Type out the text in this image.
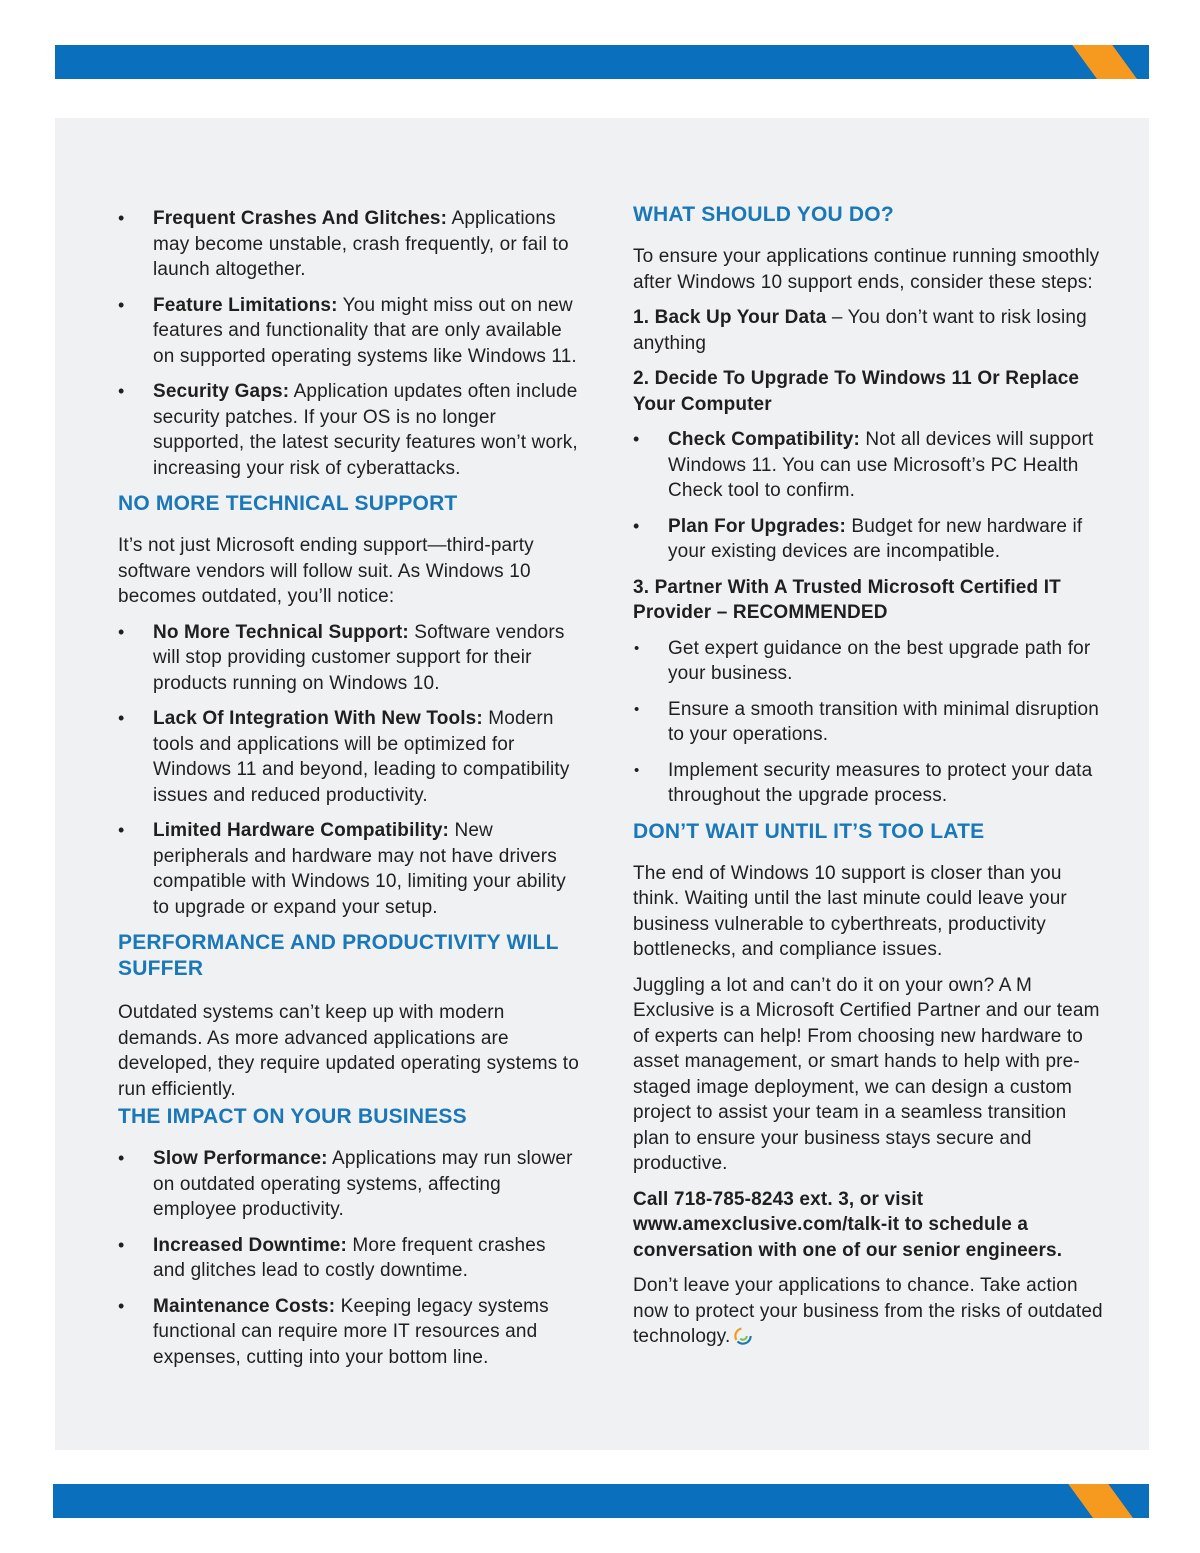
• Frequent Crashes And Glitches: Applications may become unstable, crash frequently, or fail to launch altogether.
• Feature Limitations: You might miss out on new features and functionality that are only available on supported operating systems like Windows 11.
• Security Gaps: Application updates often include security patches. If your OS is no longer supported, the latest security features won’t work, increasing your risk of cyberattacks.
NO MORE TECHNICAL SUPPORT

It’s not just Microsoft ending support—third-party software vendors will follow suit. As Windows 10 becomes outdated, you’ll notice:

• No More Technical Support: Software vendors will stop providing customer support for their products running on Windows 10.
• Lack Of Integration With New Tools: Modern tools and applications will be optimized for Windows 11 and beyond, leading to compatibility issues and reduced productivity.
• Limited Hardware Compatibility: New peripherals and hardware may not have drivers compatible with Windows 10, limiting your ability to upgrade or expand your setup.
PERFORMANCE AND PRODUCTIVITY WILL SUFFER

Outdated systems can’t keep up with modern demands. As more advanced applications are developed, they require updated operating systems to run efficiently.

THE IMPACT ON YOUR BUSINESS
• Slow Performance: Applications may run slower on outdated operating systems, affecting employee productivity.
• Increased Downtime: More frequent crashes and glitches lead to costly downtime.
• Maintenance Costs: Keeping legacy systems functional can require more IT resources and expenses, cutting into your bottom line.
WHAT SHOULD YOU DO?

To ensure your applications continue running smoothly after Windows 10 support ends, consider these steps:

1. Back Up Your Data – You don’t want to risk losing anything

2. Decide To Upgrade To Windows 11 Or Replace Your Computer

• Check Compatibility: Not all devices will support Windows 11. You can use Microsoft’s PC Health Check tool to confirm.
• Plan For Upgrades: Budget for new hardware if your existing devices are incompatible.

3. Partner With A Trusted Microsoft Certified IT Provider – RECOMMENDED

• Get expert guidance on the best upgrade path for your business.
• Ensure a smooth transition with minimal disruption to your operations.
• Implement security measures to protect your data throughout the upgrade process.
DON’T WAIT UNTIL IT’S TOO LATE

The end of Windows 10 support is closer than you think. Waiting until the last minute could leave your business vulnerable to cyberthreats, productivity bottlenecks, and compliance issues.

Juggling a lot and can’t do it on your own? A M Exclusive is a Microsoft Certified Partner and our team of experts can help! From choosing new hardware to asset management, or smart hands to help with pre-staged image deployment, we can design a custom project to assist your team in a seamless transition plan to ensure your business stays secure and productive.

Call 718-785-8243 ext. 3, or visit www.amexclusive.com/talk-it to schedule a conversation with one of our senior engineers.

Don’t leave your applications to chance. Take action now to protect your business from the risks of outdated technology.
